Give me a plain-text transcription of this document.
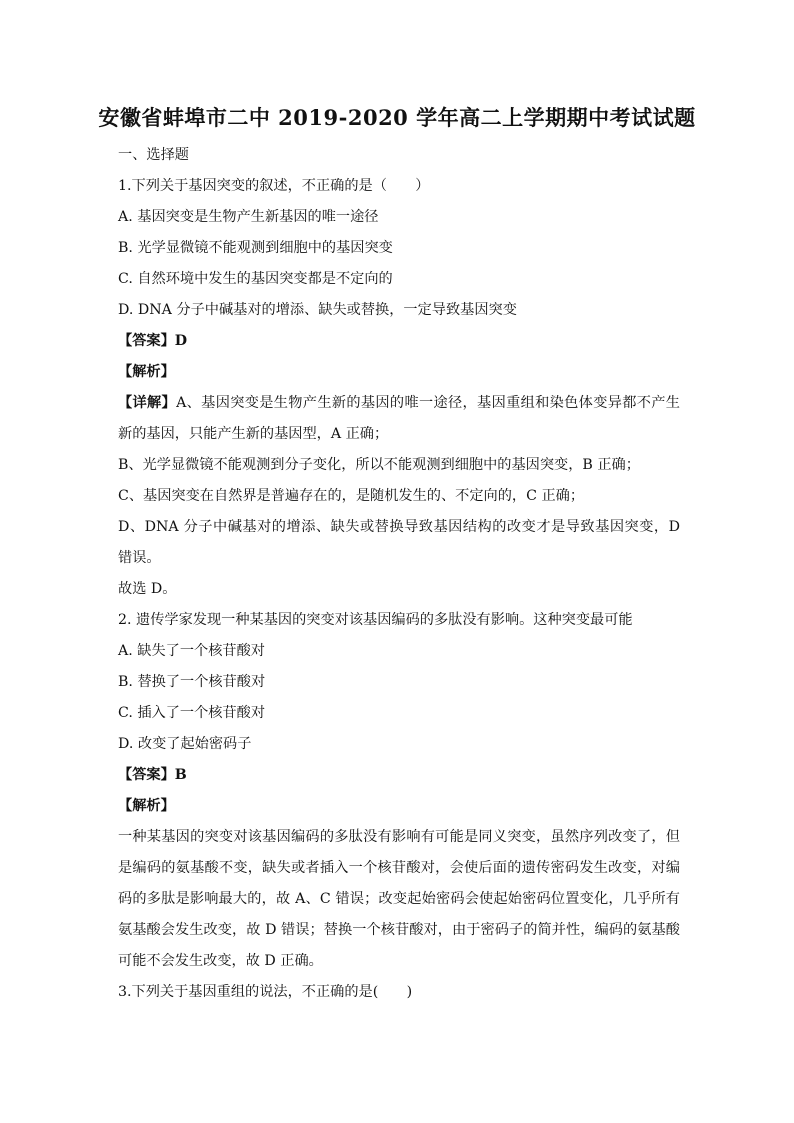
安徽省蚌埠市二中 2019-2020 学年高二上学期期中考试试题

一、选择题

1.下列关于基因突变的叙述，不正确的是（　　）

A. 基因突变是生物产生新基因的唯一途径

B. 光学显微镜不能观测到细胞中的基因突变

C. 自然环境中发生的基因突变都是不定向的

D. DNA 分子中碱基对的增添、缺失或替换，一定导致基因突变

【答案】D

【解析】

【详解】A、基因突变是生物产生新的基因的唯一途径，基因重组和染色体变异都不产生新的基因，只能产生新的基因型，A 正确；

B、光学显微镜不能观测到分子变化，所以不能观测到细胞中的基因突变，B 正确；

C、基因突变在自然界是普遍存在的，是随机发生的、不定向的，C 正确；

D、DNA 分子中碱基对的增添、缺失或替换导致基因结构的改变才是导致基因突变，D 错误。

故选 D。

2. 遗传学家发现一种某基因的突变对该基因编码的多肽没有影响。这种突变最可能

A. 缺失了一个核苷酸对

B. 替换了一个核苷酸对

C. 插入了一个核苷酸对

D. 改变了起始密码子

【答案】B

【解析】

一种某基因的突变对该基因编码的多肽没有影响有可能是同义突变，虽然序列改变了，但是编码的氨基酸不变，缺失或者插入一个核苷酸对，会使后面的遗传密码发生改变，对编码的多肽是影响最大的，故 A、C 错误；改变起始密码会使起始密码位置变化，几乎所有氨基酸会发生改变，故 D 错误；替换一个核苷酸对，由于密码子的简并性，编码的氨基酸可能不会发生改变，故 D 正确。

3.下列关于基因重组的说法，不正确的是(　　)
